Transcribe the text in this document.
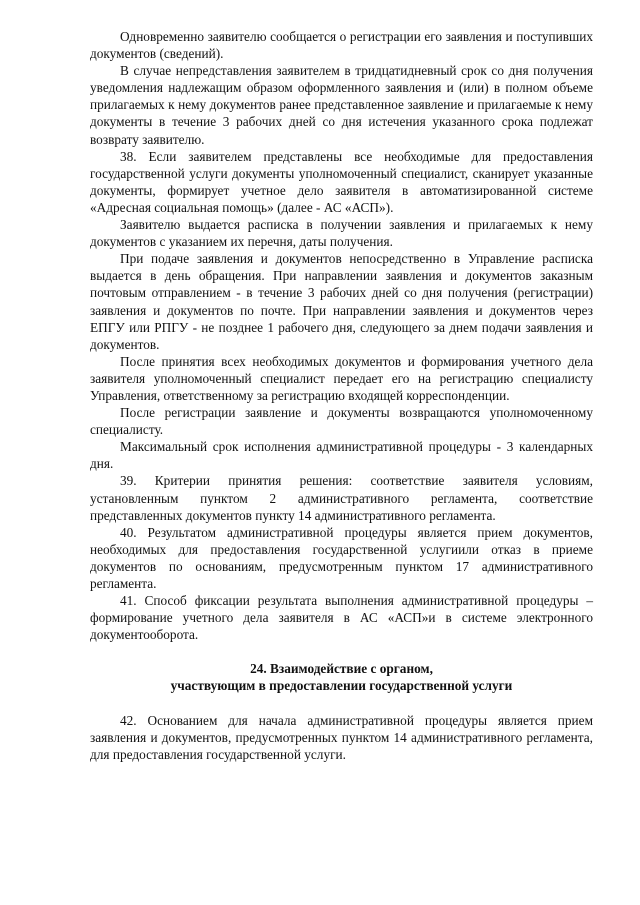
Одновременно заявителю сообщается о регистрации его заявления и поступивших документов (сведений).

В случае непредставления заявителем в тридцатидневный срок со дня получения уведомления надлежащим образом оформленного заявления и (или) в полном объеме прилагаемых к нему документов ранее представленное заявление и прилагаемые к нему документы в течение 3 рабочих дней со дня истечения указанного срока подлежат возврату заявителю.

38. Если заявителем представлены все необходимые для предоставления государственной услуги документы уполномоченный специалист, сканирует указанные документы, формирует учетное дело заявителя в автоматизированной системе «Адресная социальная помощь» (далее - АС «АСП»).

Заявителю выдается расписка в получении заявления и прилагаемых к нему документов с указанием их перечня, даты получения.

При подаче заявления и документов непосредственно в Управление расписка выдается в день обращения. При направлении заявления и документов заказным почтовым отправлением - в течение 3 рабочих дней со дня получения (регистрации) заявления и документов по почте. При направлении заявления и документов через ЕПГУ или РПГУ - не позднее 1 рабочего дня, следующего за днем подачи заявления и документов.

После принятия всех необходимых документов и формирования учетного дела заявителя уполномоченный специалист передает его на регистрацию специалисту Управления, ответственному за регистрацию входящей корреспонденции.

После регистрации заявление и документы возвращаются уполномоченному специалисту.

Максимальный срок исполнения административной процедуры - 3 календарных дня.

39. Критерии принятия решения: соответствие заявителя условиям, установленным пунктом 2 административного регламента, соответствие представленных документов пункту 14 административного регламента.

40. Результатом административной процедуры является прием документов, необходимых для предоставления государственной услугиили отказ в приеме документов по основаниям, предусмотренным пунктом 17 административного регламента.

41. Способ фиксации результата выполнения административной процедуры –формирование учетного дела заявителя в АС «АСП»и в системе электронного документооборота.

24. Взаимодействие с органом,
участвующим в предоставлении государственной услуги

42. Основанием для начала административной процедуры является прием заявления и документов, предусмотренных пунктом 14 административного регламента, для предоставления государственной услуги.
